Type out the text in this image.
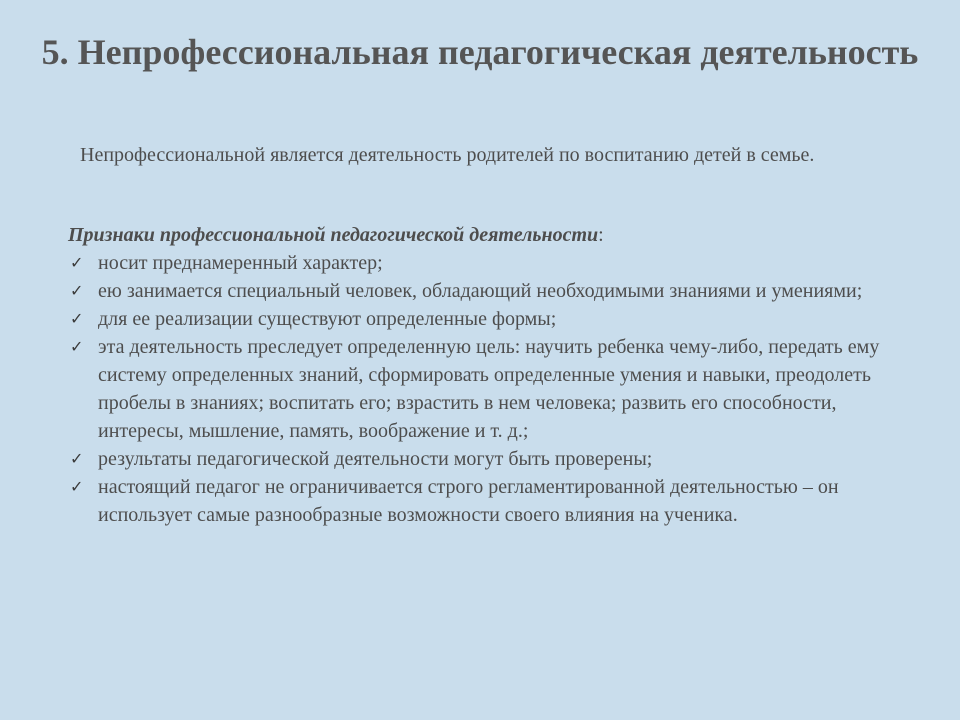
5. Непрофессиональная педагогическая деятельность

Непрофессиональной является деятельность родителей по воспитанию детей в семье.

Признаки профессиональной педагогической деятельности:

✓ носит преднамеренный характер;
✓ ею занимается специальный человек, обладающий необходимыми знаниями и умениями;
✓ для ее реализации существуют определенные формы;
✓ эта деятельность преследует определенную цель: научить ребенка чему-либо, передать ему систему определенных знаний, сформировать определенные умения и навыки, преодолеть пробелы в знаниях; воспитать его; взрастить в нем человека; развить его способности, интересы, мышление, память, воображение и т. д.;
✓ результаты педагогической деятельности могут быть проверены;
✓ настоящий педагог не ограничивается строго регламентированной деятельностью – он использует самые разнообразные возможности своего влияния на ученика.
